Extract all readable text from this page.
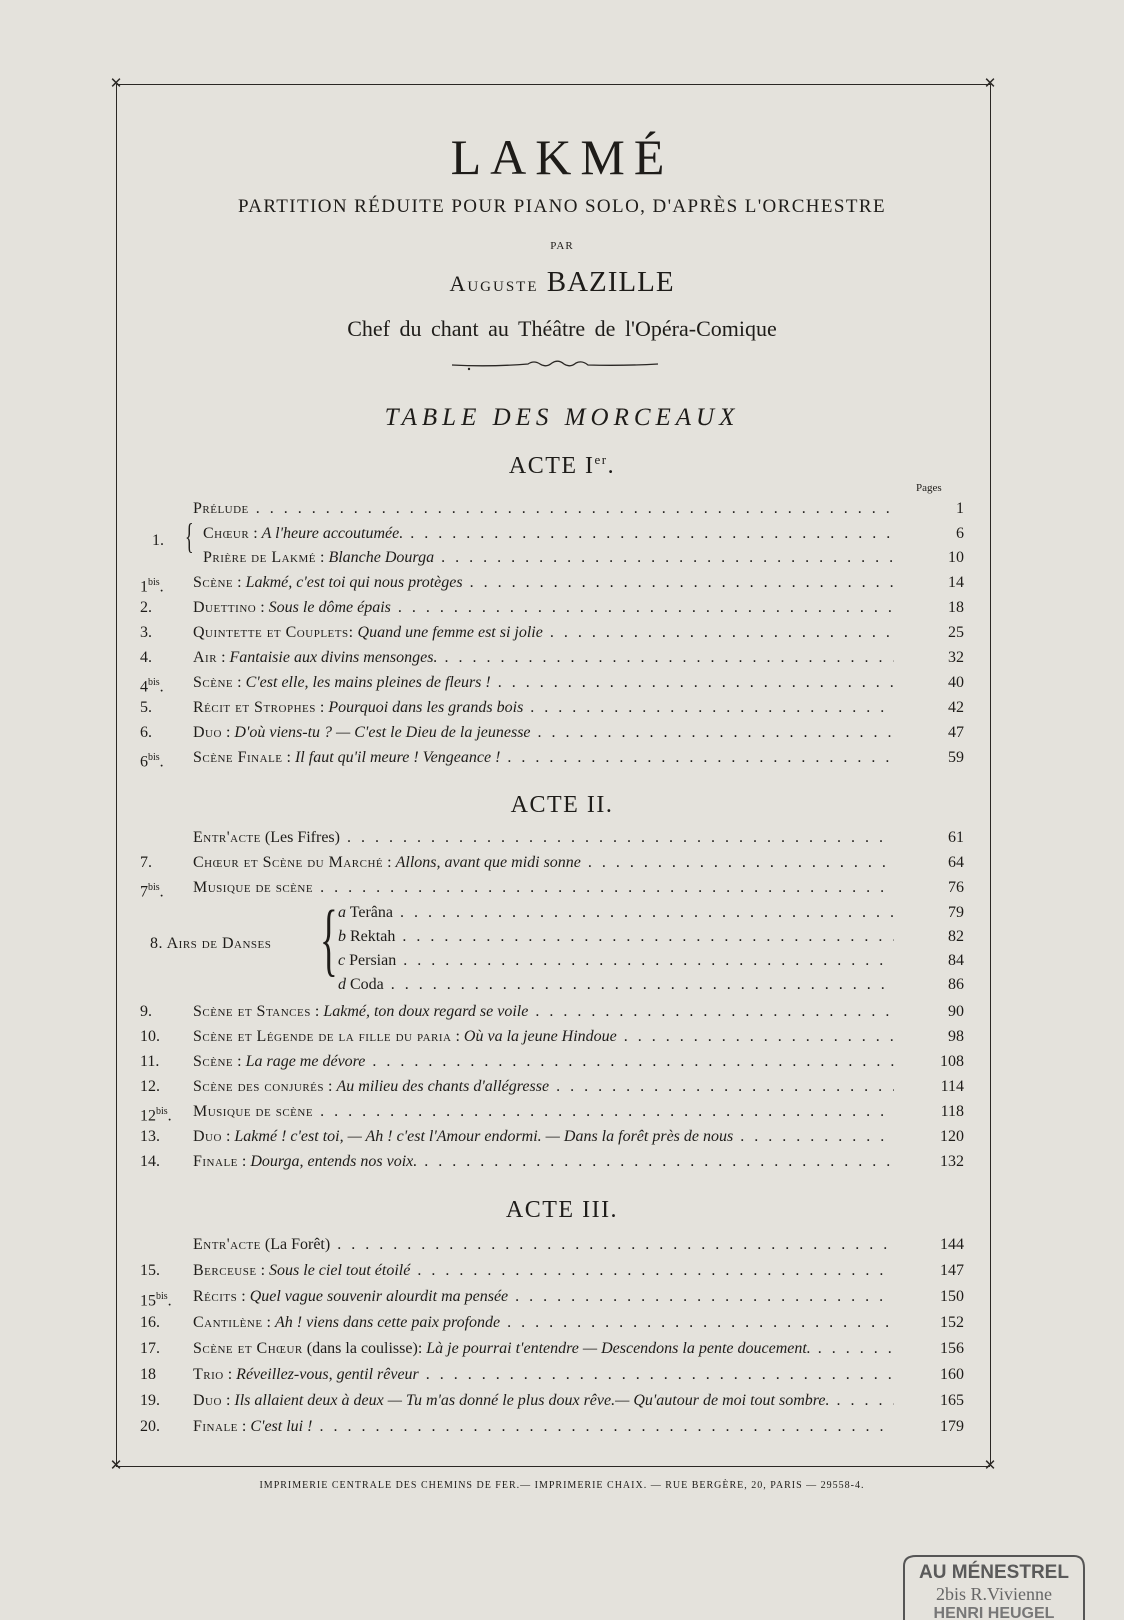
✕	✕
✕	✕
LAKMÉ
PARTITION RÉDUITE POUR PIANO SOLO, D'APRÈS L'ORCHESTRE
PAR
Auguste BAZILLE
Chef du chant au Théâtre de l'Opéra-Comique
TABLE DES MORCEAUX
ACTE Ier.
Pages
Prélude . . .	1
1. { Chœur : A l'heure accoutumée. . . .	6
Prière de Lakmé : Blanche Dourga . . .	10
$1^{bis}$.	Scène : Lakmé, c'est toi qui nous protèges . . .	14
2.	Duettino : Sous le dôme épais . . .	18
3.	Quintette et Couplets: Quand une femme est si jolie . . .	25
4.	Air : Fantaisie aux divins mensonges. . . .	32
$4^{bis}$.	Scène : C'est elle, les mains pleines de fleurs ! . . .	40
5.	Récit et Strophes : Pourquoi dans les grands bois . . .	42
6.	Duo : D'où viens-tu ? — C'est le Dieu de la jeunesse . . .	47
$6^{bis}$.	Scène Finale : Il faut qu'il meure ! Vengeance ! . . .	59
ACTE II.
Entr'acte (Les Fifres) . . .	61
7.	Chœur et Scène du Marché : Allons, avant que midi sonne . . .	64
$7^{bis}$.	Musique de scène . . .	76
8. Airs de Danses { a Terâna . . .	79
b Rektah . . .	82
c Persian . . .	84
d Coda . . .	86
9.	Scène et Stances : Lakmé, ton doux regard se voile . . .	90
10.	Scène et Légende de la fille du paria : Où va la jeune Hindoue . . .	98
11.	Scène : La rage me dévore . . .	108
12.	Scène des conjurés : Au milieu des chants d'allégresse . . .	114
$12^{bis}$.	Musique de scène . . .	118
13.	Duo : Lakmé ! c'est toi, — Ah ! c'est l'Amour endormi. — Dans la forêt près de nous . . .	120
14.	Finale : Dourga, entends nos voix. . . .	132
ACTE III.
Entr'acte (La Forêt) . . .	144
15.	Berceuse : Sous le ciel tout étoilé . . .	147
$15^{bis}$.	Récits : Quel vague souvenir alourdit ma pensée . . .	150
16.	Cantilène : Ah ! viens dans cette paix profonde . . .	152
17.	Scène et Chœur (dans la coulisse): Là je pourrai t'entendre — Descendons la pente doucement. . . .	156
18	Trio : Réveillez-vous, gentil rêveur . . .	160
19.	Duo : Ils allaient deux à deux — Tu m'as donné le plus doux rêve.— Qu'autour de moi tout sombre. . . .	165
20.	Finale : C'est lui ! . . .	179
IMPRIMERIE CENTRALE DES CHEMINS DE FER.— IMPRIMERIE CHAIX. — RUE BERGÈRE, 20, PARIS — 29558-4.
AU MÉNESTREL
2bis R.Vivienne
HENRI HEUGEL
